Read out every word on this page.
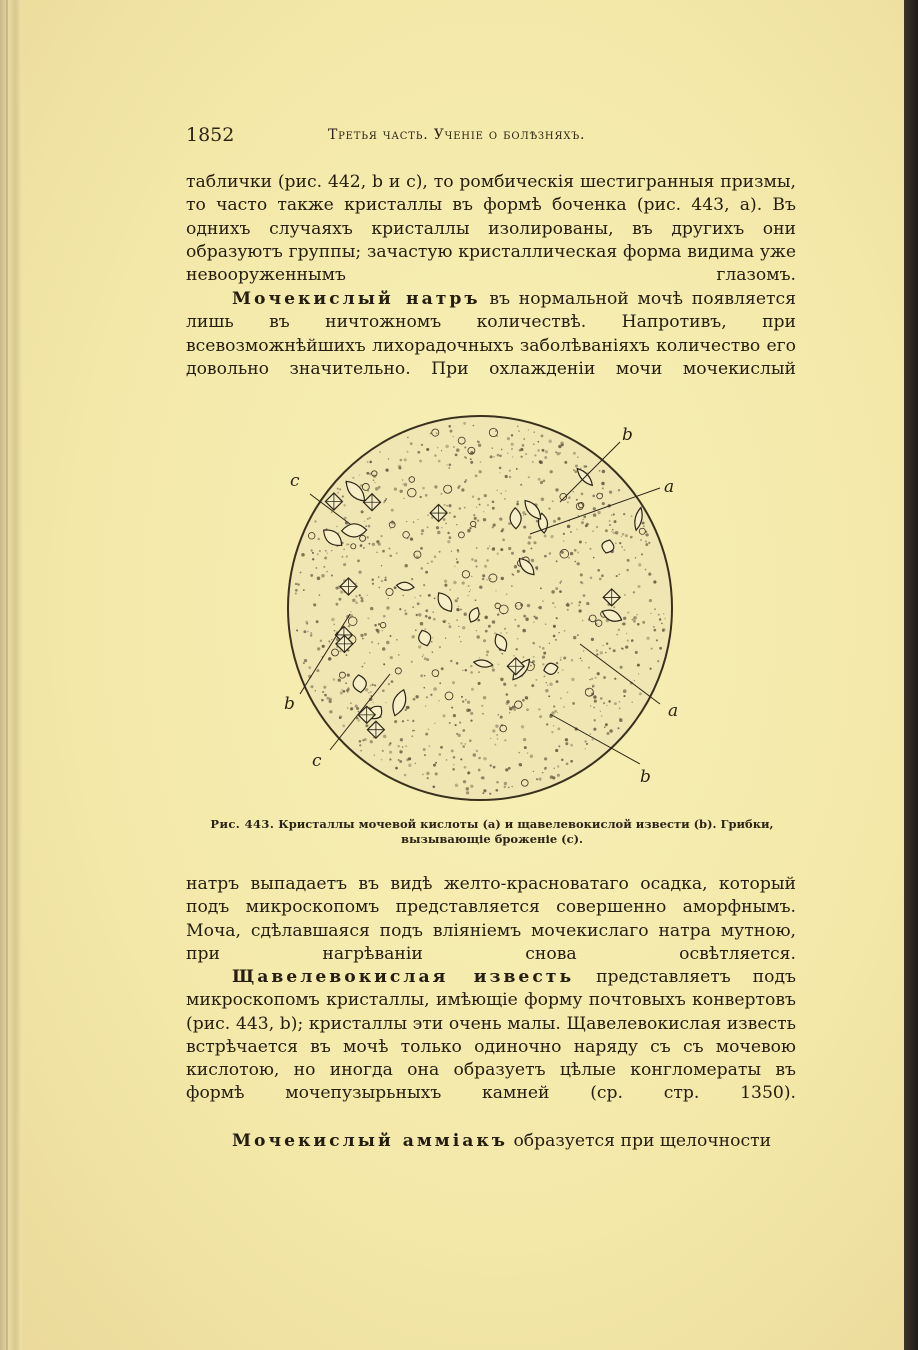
1852	Третья часть. Ученіе о болѣзняхъ.

таблички (рис. 442, b и c), то ромбическія шестигранныя призмы, то часто также кристаллы въ формѣ боченка (рис. 443, a). Въ однихъ случаяхъ кристаллы изолированы, въ другихъ они образуютъ группы; зачастую кристаллическая форма видима уже невооруженнымъ глазомъ.

Мочекислый натръ въ нормальной мочѣ появляется лишь въ ничтожномъ количествѣ. Напротивъ, при всевозможнѣйшихъ лихорадочныхъ заболѣваніяхъ количество его довольно значительно. При охлажденіи мочи мочекислый

b
a
c
b
c
a
b
Рис. 443. Кристаллы мочевой кислоты (a) и щавелевокислой извести (b). Грибки, вызывающіе броженіе (c).

натръ выпадаетъ въ видѣ желто-красноватаго осадка, который подъ микроскопомъ представляется совершенно аморфнымъ. Моча, сдѣлавшаяся подъ вліяніемъ мочекислаго натра мутною, при нагрѣваніи снова освѣтляется.

Щавелевокислая известь представляетъ подъ микроскопомъ кристаллы, имѣющіе форму почтовыхъ конвертовъ (рис. 443, b); кристаллы эти очень малы. Щавелевокислая известь встрѣчается въ мочѣ только одиночно наряду съ съ мочевою кислотою, но иногда она образуетъ цѣлые конгломераты въ формѣ мочепузырьныхъ камней (ср. стр. 1350).

Мочекислый аммiакъ образуется при щелочности
